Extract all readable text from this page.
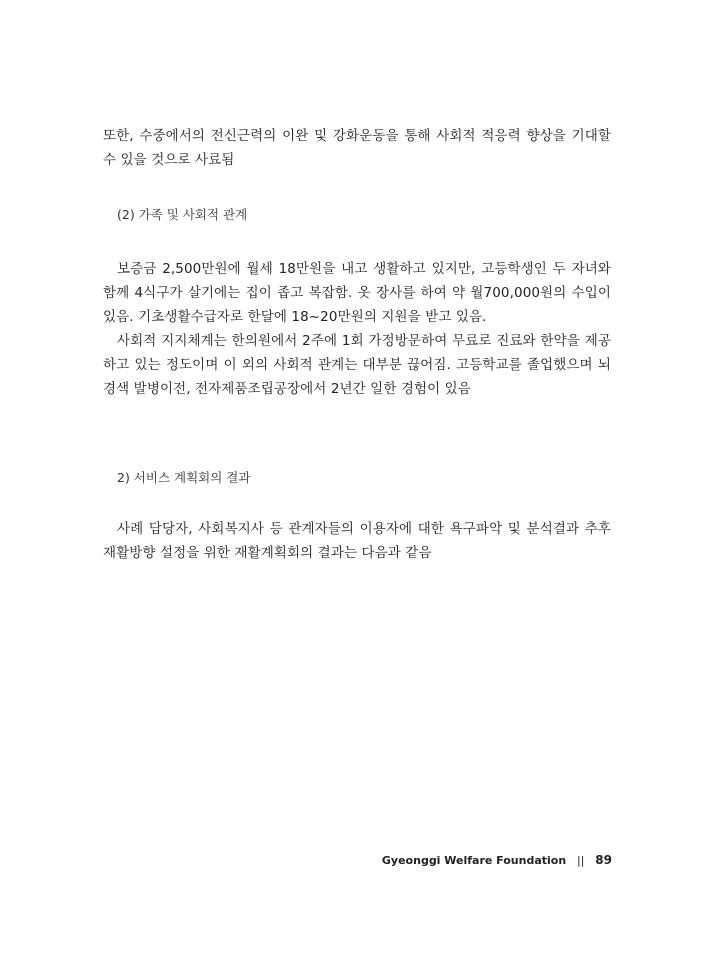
또한, 수중에서의 전신근력의 이완 및 강화운동을 통해 사회적 적응력 향상을 기대할 수 있을 것으로 사료됨

(2) 가족 및 사회적 관계

보증금 2,500만원에 월세 18만원을 내고 생활하고 있지만, 고등학생인 두 자녀와 함께 4식구가 살기에는 집이 좁고 복잡함. 옷 장사를 하여 약 월700,000원의 수입이 있음. 기초생활수급자로 한달에 18~20만원의 지원을 받고 있음.

사회적 지지체계는 한의원에서 2주에 1회 가정방문하여 무료로 진료와 한약을 제공하고 있는 정도이며 이 외의 사회적 관계는 대부분 끊어짐. 고등학교를 졸업했으며 뇌경색 발병이전, 전자제품조립공장에서 2년간 일한 경험이 있음

2) 서비스 계획회의 결과

사례 담당자, 사회복지사 등 관계자들의 이용자에 대한 욕구파악 및 분석결과 추후 재활방향 설정을 위한 재활계획회의 결과는 다음과 같음

Gyeonggi Welfare Foundation || 89
